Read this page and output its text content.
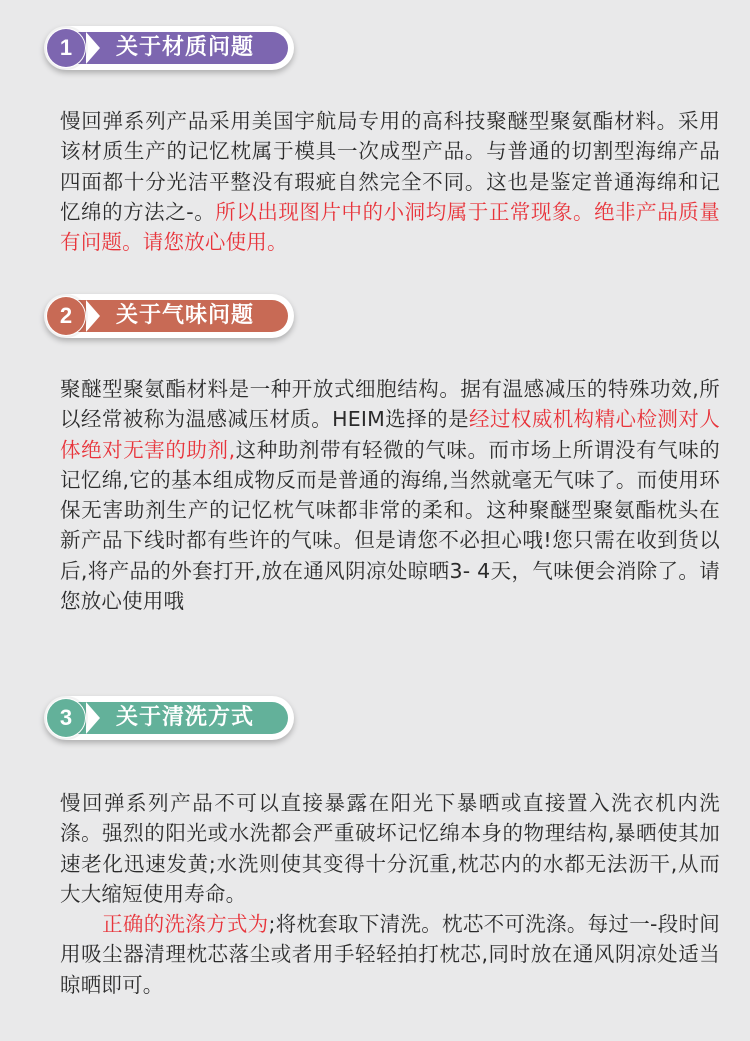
1	关于材质问题
慢回弹系列产品采用美国宇航局专用的高科技聚醚型聚氨酯材料。采用该材质生产的记忆枕属于模具一次成型产品。与普通的切割型海绵产品四面都十分光洁平整没有瑕疵自然完全不同。这也是鉴定普通海绵和记忆绵的方法之-。所以出现图片中的小洞均属于正常现象。绝非产品质量有问题。请您放心使用。
2	关于气味问题
聚醚型聚氨酯材料是一种开放式细胞结构。据有温感减压的特殊功效,所以经常被称为温感减压材质。HEIM选择的是经过权威机构精心检测对人体绝对无害的助剂,这种助剂带有轻微的气味。而市场上所谓没有气味的记忆绵,它的基本组成物反而是普通的海绵,当然就毫无气味了。而使用环保无害助剂生产的记忆枕气味都非常的柔和。这种聚醚型聚氨酯枕头在新产品下线时都有些许的气味。但是请您不必担心哦!您只需在收到货以后,将产品的外套打开,放在通风阴凉处晾晒3- 4天，气味便会消除了。请您放心使用哦
3	关于清洗方式
慢回弹系列产品不可以直接暴露在阳光下暴晒或直接置入洗衣机内洗涤。强烈的阳光或水洗都会严重破坏记忆绵本身的物理结构,暴晒使其加速老化迅速发黄;水洗则使其变得十分沉重,枕芯内的水都无法沥干,从而大大缩短使用寿命。
正确的洗涤方式为;将枕套取下清洗。枕芯不可洗涤。每过一-段时间用吸尘器清理枕芯落尘或者用手轻轻拍打枕芯,同时放在通风阴凉处适当晾晒即可。
